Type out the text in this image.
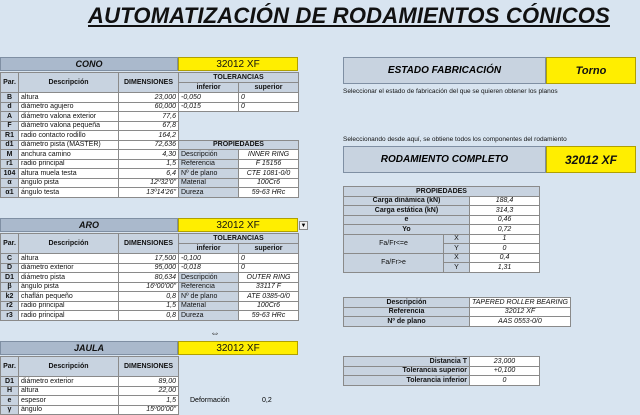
AUTOMATIZACIÓN DE RODAMIENTOS CÓNICOS
CONO	32012 XF
Par.	Descripción	DIMENSIONES	TOLERANCIAS	
			inferior	superior
B	altura	23,000	-0,050	0
d	diámetro agujero	60,000	-0,015	0
A	diámetro valona exterior	77,6		
F	diámetro valona pequeña	67,8		
R1	radio contacto rodillo	164,2		
d1	diámetro pista (MASTER)	72,636	PROPIEDADES	
M	anchura camino	4,30	Descripción	INNER RING
r1	radio principal	1,5	Referencia	F 15156
104	altura muela testa	6,4	Nº de plano	CTE 1081-0/0
α	ángulo pista	12º32'0"	Material	100Cr6
α1	ángulo testa	13º14'26"	Dureza	59-63 HRc
ARO	32012 XF	▼
Par.	Descripción	DIMENSIONES	TOLERANCIAS	
			inferior	superior
C	altura	17,500	-0,100	0
D	diámetro exterior	95,000	-0,018	0
D1	diámetro pista	80,634	Descripción	OUTER RING
β	ángulo pista	16º00'00"	Referencia	33117 F
k2	chaflán pequeño	0,8	Nº de plano	ATE 0385-0/0
r2	radio principal	1,5	Material	100Cr6
r3	radio principal	0,8	Dureza	59-63 HRc
⇔
JAULA	32012 XF
Par.	Descripción	DIMENSIONES
D1	diámetro exterior	89,00
H	altura	22,00
e	espesor	1,5
γ	ángulo	15º00'00"
Deformación	0,2
ESTADO FABRICACIÓN	Torno
Seleccionar el estado de fabricación del que se quieren obtener los planos
Seleccionando desde aquí, se obtiene todos los componentes del rodamiento
RODAMIENTO COMPLETO	32012 XF
PROPIEDADES		
Carga dinámica (kN)		188,4
Carga estática (kN)		314,3
e		0,46
Yo		0,72
Fa/Fr<=e	X	1
	Y	0
Fa/Fr>e	X	0,4
	Y	1,31
Descripción	TAPERED ROLLER BEARING
Referencia	32012 XF
Nº de plano	AAS 0553-0/0
Distancia T	23,000
Tolerancia superior	+0,100
Tolerancia inferior	0
